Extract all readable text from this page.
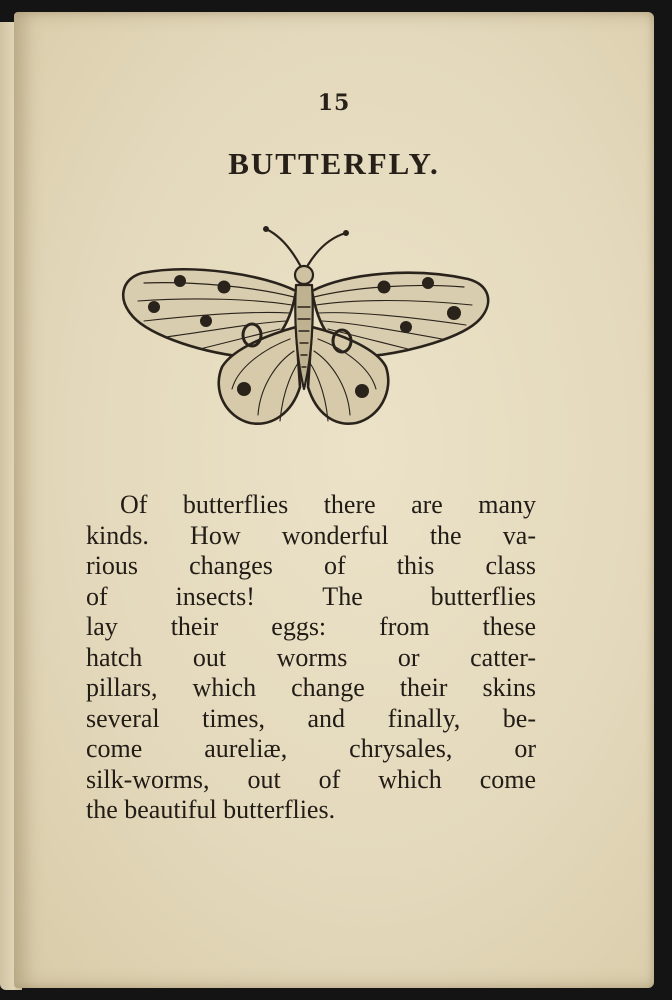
15
BUTTERFLY.
Of butterflies there are many
kinds. How wonderful the va-
rious changes of this class
of insects! The butterflies
lay their eggs: from these
hatch out worms or catter-
pillars, which change their skins
several times, and finally, be-
come aureliæ, chrysales, or
silk-worms, out of which come
the beautiful butterflies.
